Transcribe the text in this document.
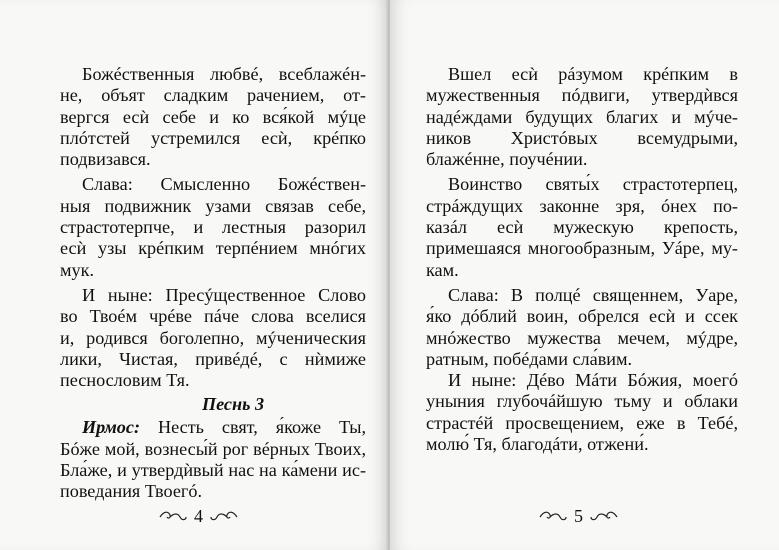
Божéственныя любвé, всеблажéн-
не, объят сладким рачением, от-
вергся есѝ себе и ко вся́кой мýце
плóтстей устремился есѝ, крéпко
подвизався.
Слава: Смысленно Божéствен-
ныя подвижник узами связав себе,
страстотерпче, и лестныя разорил
есѝ узы крéпким терпéнием мнóгих
мук.
И ныне: Пресýщественное Слово
во Твоéм чрéве пáче слова вселися
и, родився боголепно, мýченическия
лики, Чистая, привéдé, с нѝмиже
песнословим Тя.
Песнь 3
Ирмос: Несть свят, я́коже Ты,
Бóже мой, вознесы́й рог вéрных Твоих,
Бла́же, и утвердѝвый нас на ка́мени ис-
поведания Твоегó.
4
Вшел есѝ рáзумом крéпким в
мужественныя пóдвиги, утвердѝвся
надéждами будущих благих и мýче-
ников Христóвых всемудрыми,
блажéнне, поучéнии.
Воинство святы́х страстотерпец,
стрáждущих законне зря, óнех по-
казáл есѝ мужескую крепость,
примешаяся многообразным, Уáре, му-
кам.
Слава: В полцé священнем, Уаре,
я́ко дóблий воин, обрелся есѝ и ссек
мнóжество мужества мечем, мýдре,
ратным, побéдами сла́вим.
И ныне: Дéво Мáти Бóжия, моегó
уныния глубочáйшую тьму и облаки
страстéй просвещением, еже в Тебé,
молю́ Тя, благодáти, отжени́.
5
